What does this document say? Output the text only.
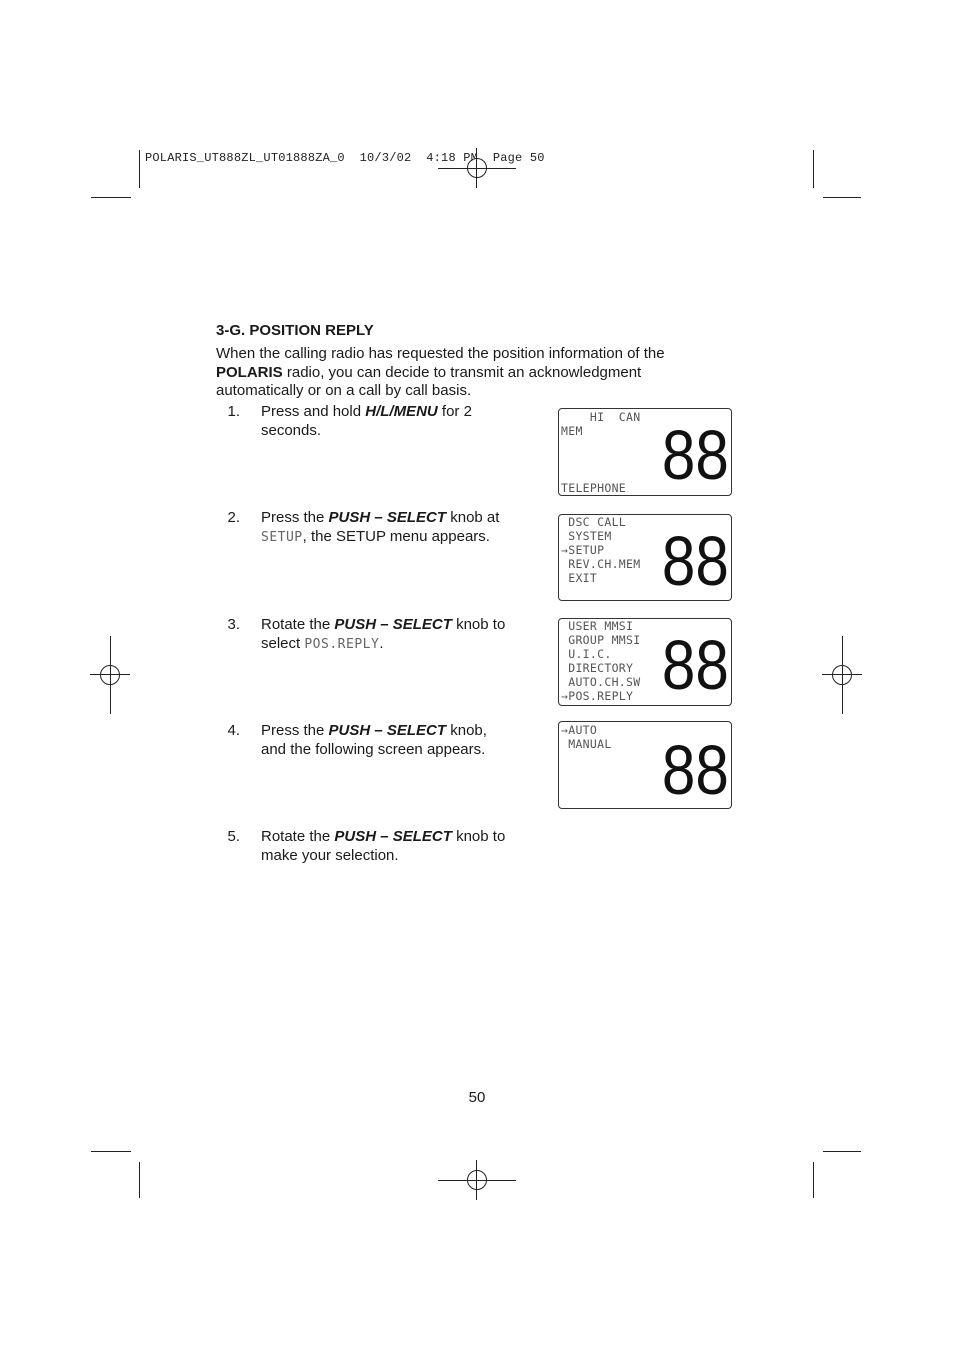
POLARIS_UT888ZL_UT01888ZA_0  10/3/02  4:18 PM  Page 50
3-G. POSITION REPLY
When the calling radio has requested the position information of the POLARIS radio, you can decide to transmit an acknowledgment automatically or on a call by call basis.
1. Press and hold H/L/MENU for 2 seconds.
2. Press the PUSH – SELECT knob at SETUP, the SETUP menu appears.
3. Rotate the PUSH – SELECT knob to select POS.REPLY.
4. Press the PUSH – SELECT knob, and the following screen appears.
5. Rotate the PUSH – SELECT knob to make your selection.
HI  CAN
MEM
TELEPHONE 88
DSC CALL
SYSTEM
→SETUP
REV.CH.MEM
EXIT 88
USER MMSI
GROUP MMSI
U.I.C.
DIRECTORY
AUTO.CH.SW
→POS.REPLY 88
→AUTO
MANUAL 88
50
